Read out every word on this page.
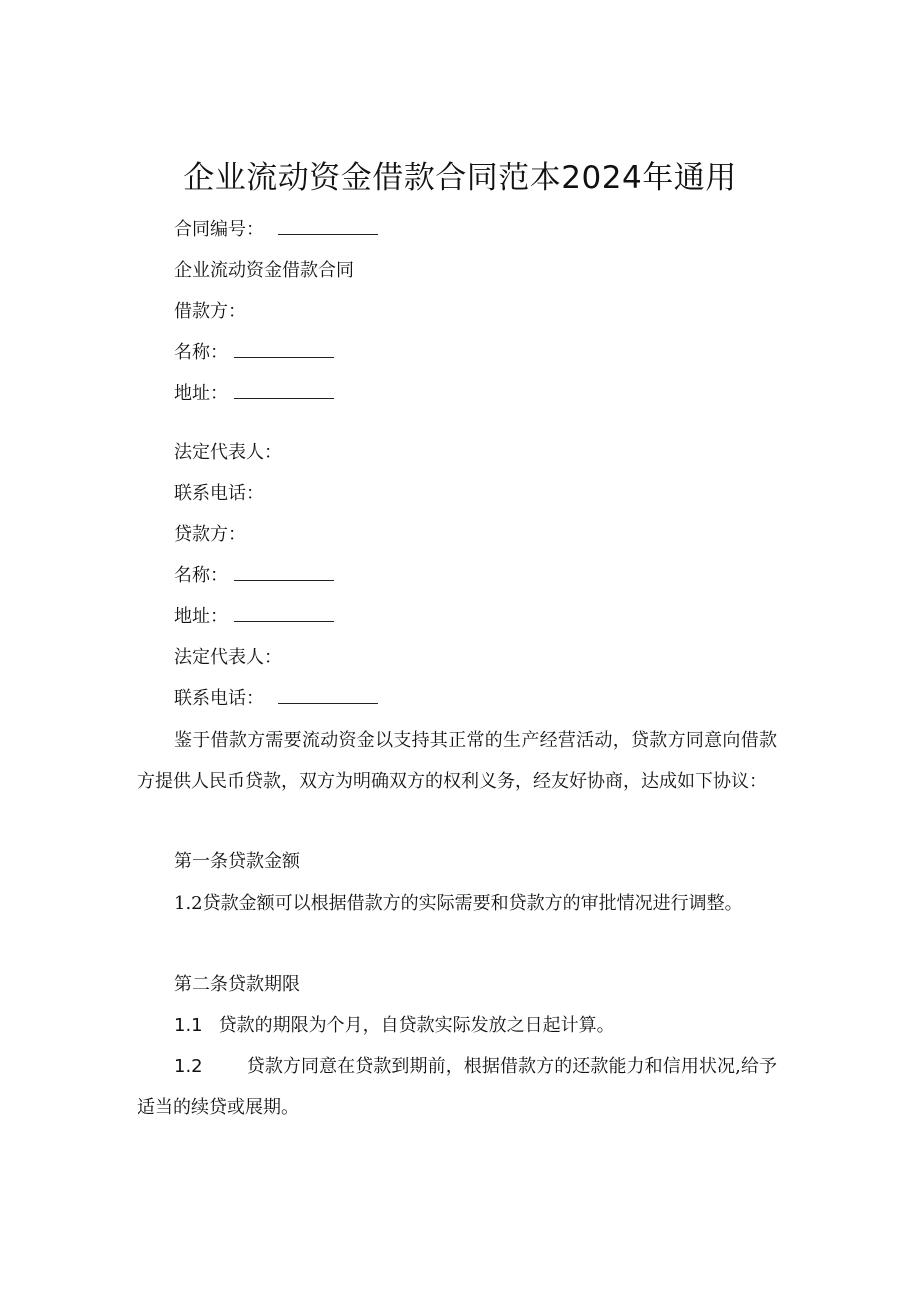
企业流动资金借款合同范本2024年通用
合同编号：
企业流动资金借款合同
借款方：
名称：
地址：
法定代表人：
联系电话：
贷款方：
名称：
地址：
法定代表人：
联系电话：
鉴于借款方需要流动资金以支持其正常的生产经营活动，贷款方同意向借款方提供人民币贷款，双方为明确双方的权利义务，经友好协商，达成如下协议：
第一条贷款金额
1.2贷款金额可以根据借款方的实际需要和贷款方的审批情况进行调整。
第二条贷款期限
1.1 贷款的期限为个月，自贷款实际发放之日起计算。
1.2 贷款方同意在贷款到期前，根据借款方的还款能力和信用状况,给予适当的续贷或展期。
